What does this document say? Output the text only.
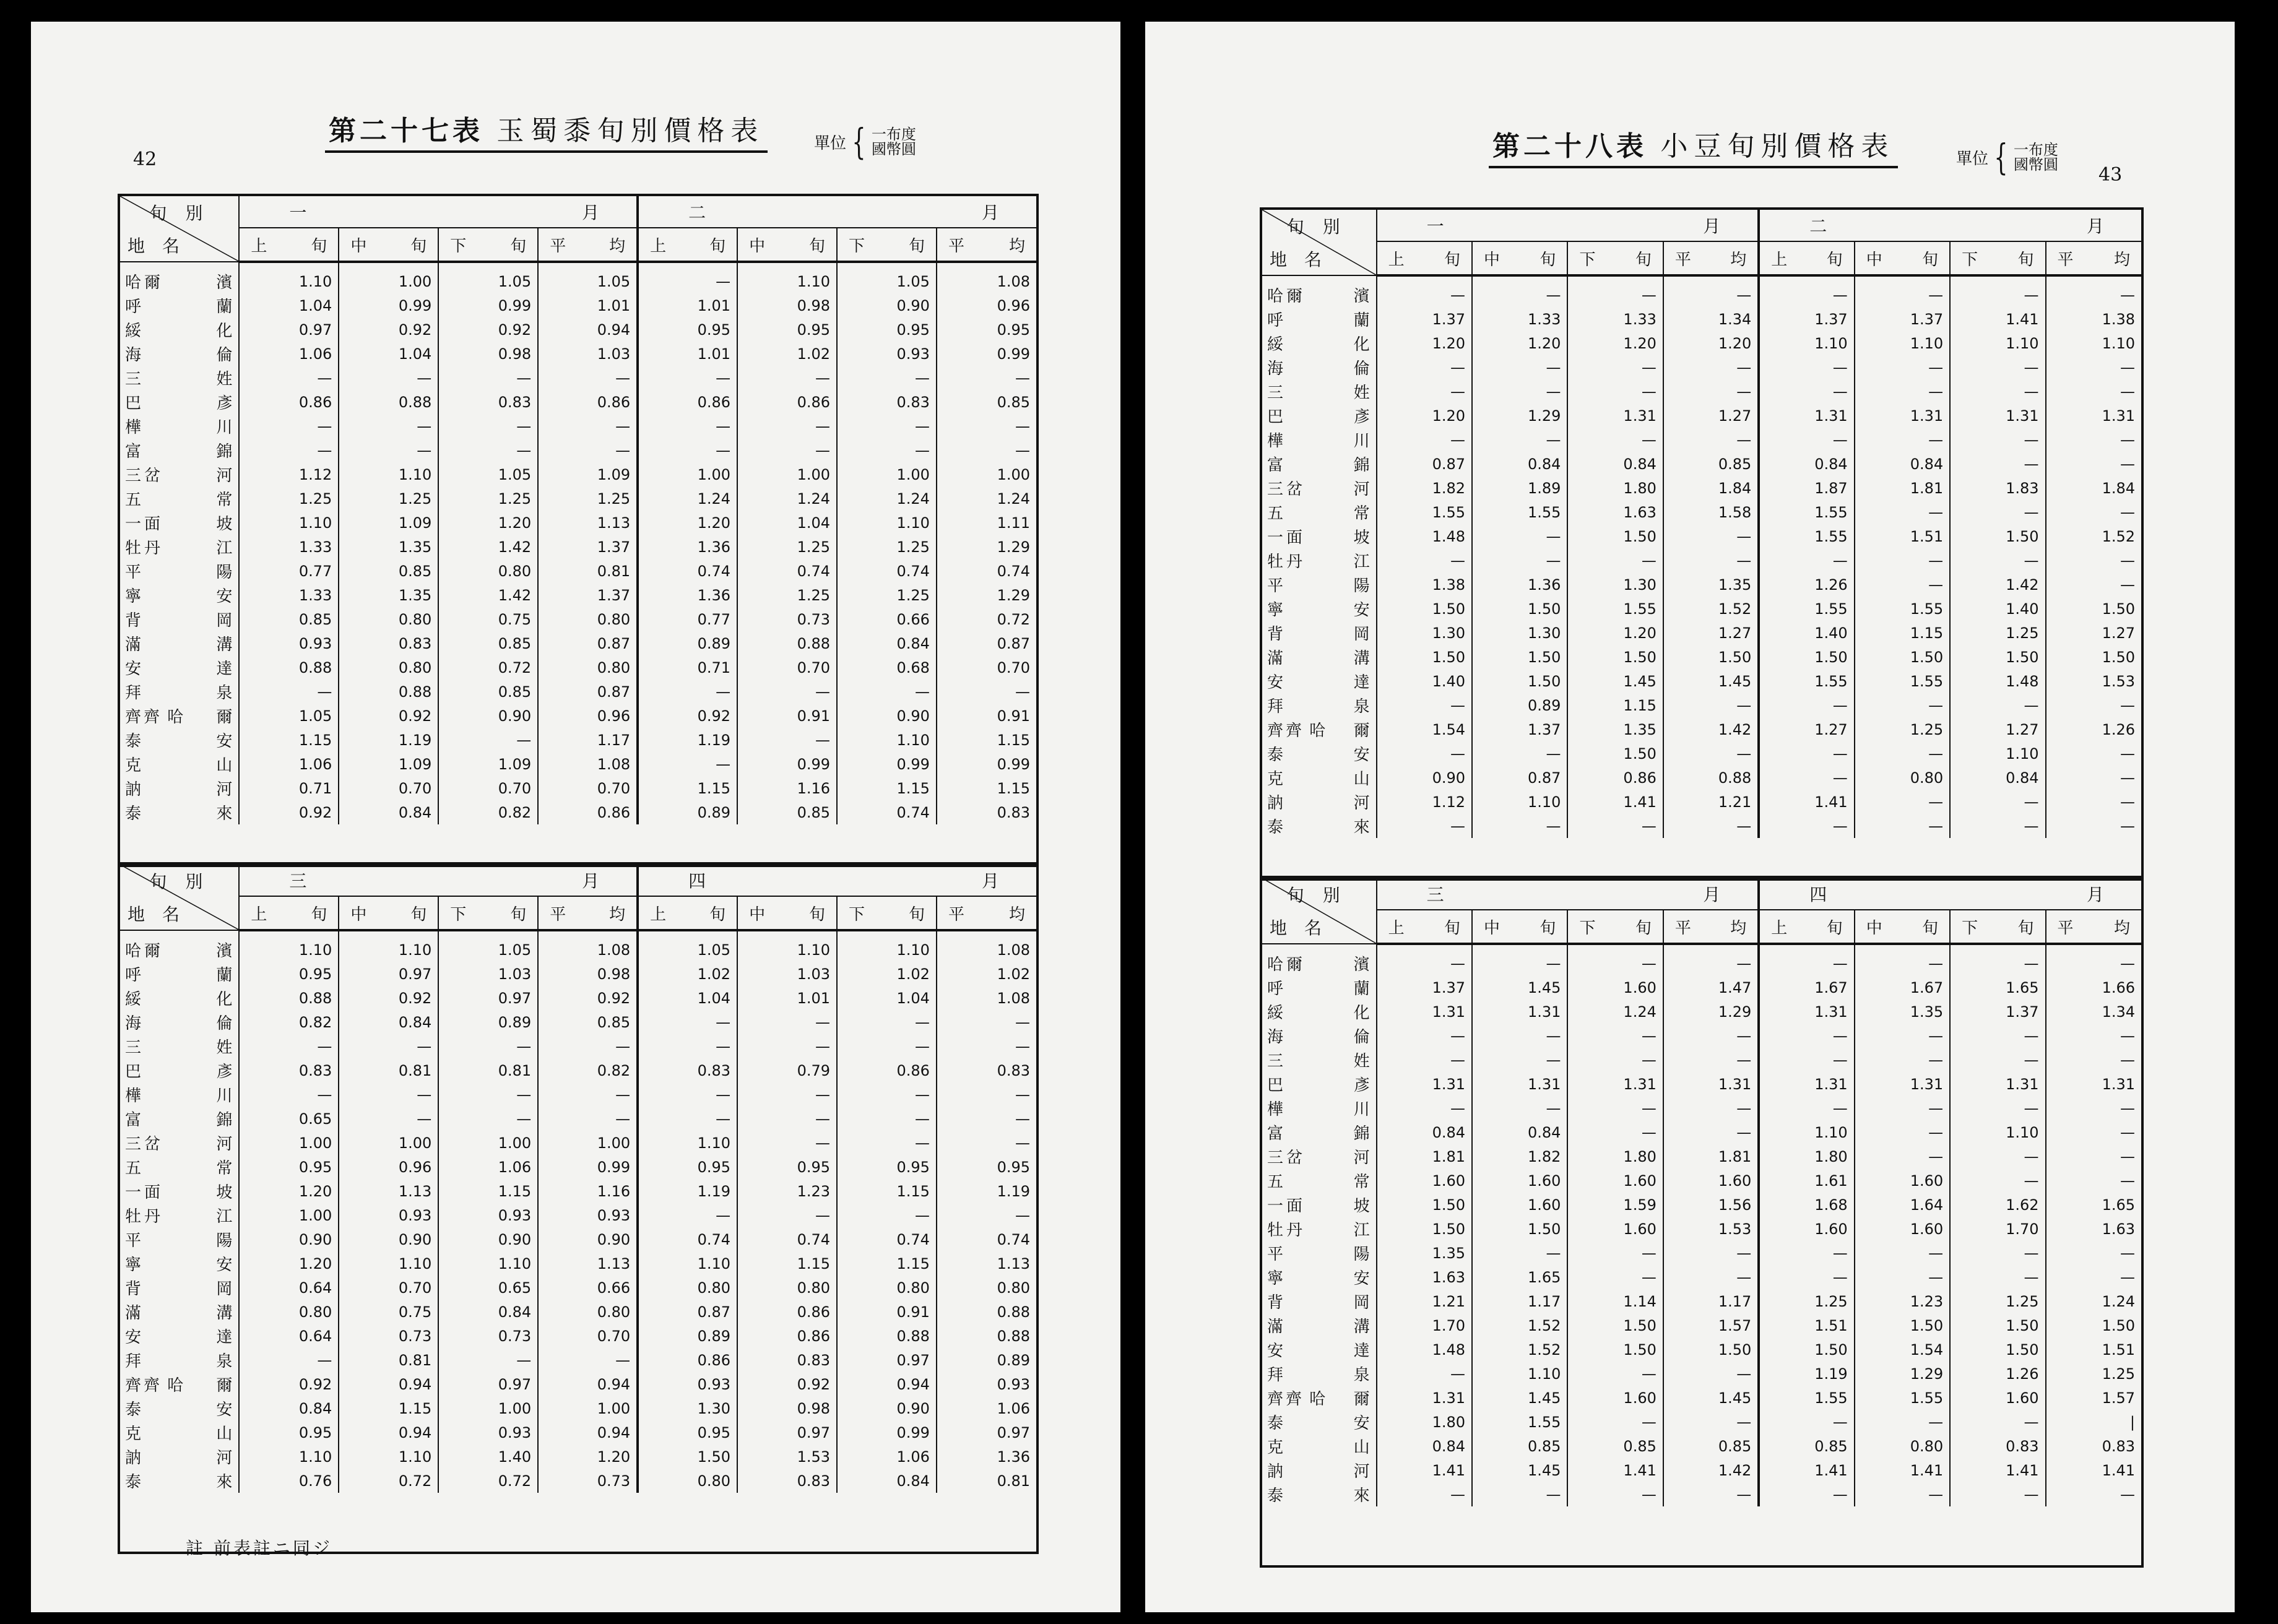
42
第二十七表 玉蜀黍旬別價格表	單位 { 一布度
國幣圓
旬別
地名	一 月				二 月			

	上 旬	中 旬	下 旬	平 均	上 旬	中 旬	下 旬	平 均

哈 爾 濱	1.10	1.00	1.05	1.05	—	1.10	1.05	1.08
呼 蘭	1.04	0.99	0.99	1.01	1.01	0.98	0.90	0.96
綏 化	0.97	0.92	0.92	0.94	0.95	0.95	0.95	0.95
海 倫	1.06	1.04	0.98	1.03	1.01	1.02	0.93	0.99
三 姓	—	—	—	—	—	—	—	—
巴 彥	0.86	0.88	0.83	0.86	0.86	0.86	0.83	0.85
樺 川	—	—	—	—	—	—	—	—
富 錦	—	—	—	—	—	—	—	—
三 岔 河	1.12	1.10	1.05	1.09	1.00	1.00	1.00	1.00
五 常	1.25	1.25	1.25	1.25	1.24	1.24	1.24	1.24
一 面 坡	1.10	1.09	1.20	1.13	1.20	1.04	1.10	1.11
牡 丹 江	1.33	1.35	1.42	1.37	1.36	1.25	1.25	1.29
平 陽	0.77	0.85	0.80	0.81	0.74	0.74	0.74	0.74
寧 安	1.33	1.35	1.42	1.37	1.36	1.25	1.25	1.29
背 岡	0.85	0.80	0.75	0.80	0.77	0.73	0.66	0.72
滿 溝	0.93	0.83	0.85	0.87	0.89	0.88	0.84	0.87
安 達	0.88	0.80	0.72	0.80	0.71	0.70	0.68	0.70
拜 泉	—	0.88	0.85	0.87	—	—	—	—
齊齊 哈 爾	1.05	0.92	0.90	0.96	0.92	0.91	0.90	0.91
泰 安	1.15	1.19	—	1.17	1.19	—	1.10	1.15
克 山	1.06	1.09	1.09	1.08	—	0.99	0.99	0.99
訥 河	0.71	0.70	0.70	0.70	1.15	1.16	1.15	1.15
泰 來	0.92	0.84	0.82	0.86	0.89	0.85	0.74	0.83
旬別
地名	三 月				四 月			

	上 旬	中 旬	下 旬	平 均	上 旬	中 旬	下 旬	平 均

哈 爾 濱	1.10	1.10	1.05	1.08	1.05	1.10	1.10	1.08
呼 蘭	0.95	0.97	1.03	0.98	1.02	1.03	1.02	1.02
綏 化	0.88	0.92	0.97	0.92	1.04	1.01	1.04	1.08
海 倫	0.82	0.84	0.89	0.85	—	—	—	—
三 姓	—	—	—	—	—	—	—	—
巴 彥	0.83	0.81	0.81	0.82	0.83	0.79	0.86	0.83
樺 川	—	—	—	—	—	—	—	—
富 錦	0.65	—	—	—	—	—	—	—
三 岔 河	1.00	1.00	1.00	1.00	1.10	—	—	—
五 常	0.95	0.96	1.06	0.99	0.95	0.95	0.95	0.95
一 面 坡	1.20	1.13	1.15	1.16	1.19	1.23	1.15	1.19
牡 丹 江	1.00	0.93	0.93	0.93	—	—	—	—
平 陽	0.90	0.90	0.90	0.90	0.74	0.74	0.74	0.74
寧 安	1.20	1.10	1.10	1.13	1.10	1.15	1.15	1.13
背 岡	0.64	0.70	0.65	0.66	0.80	0.80	0.80	0.80
滿 溝	0.80	0.75	0.84	0.80	0.87	0.86	0.91	0.88
安 達	0.64	0.73	0.73	0.70	0.89	0.86	0.88	0.88
拜 泉	—	0.81	—	—	0.86	0.83	0.97	0.89
齊齊 哈 爾	0.92	0.94	0.97	0.94	0.93	0.92	0.94	0.93
泰 安	0.84	1.15	1.00	1.00	1.30	0.98	0.90	1.06
克 山	0.95	0.94	0.93	0.94	0.95	0.97	0.99	0.97
訥 河	1.10	1.10	1.40	1.20	1.50	1.53	1.06	1.36
泰 來	0.76	0.72	0.72	0.73	0.80	0.83	0.84	0.81
註 前表註ニ同ジ
43
第二十八表 小豆旬別價格表	單位 { 一布度
國幣圓
旬別
地名	一 月				二 月			

	上 旬	中 旬	下 旬	平 均	上 旬	中 旬	下 旬	平 均

哈 爾 濱	—	—	—	—	—	—	—	—
呼 蘭	1.37	1.33	1.33	1.34	1.37	1.37	1.41	1.38
綏 化	1.20	1.20	1.20	1.20	1.10	1.10	1.10	1.10
海 倫	—	—	—	—	—	—	—	—
三 姓	—	—	—	—	—	—	—	—
巴 彥	1.20	1.29	1.31	1.27	1.31	1.31	1.31	1.31
樺 川	—	—	—	—	—	—	—	—
富 錦	0.87	0.84	0.84	0.85	0.84	0.84	—	—
三 岔 河	1.82	1.89	1.80	1.84	1.87	1.81	1.83	1.84
五 常	1.55	1.55	1.63	1.58	1.55	—	—	—
一 面 坡	1.48	—	1.50	—	1.55	1.51	1.50	1.52
牡 丹 江	—	—	—	—	—	—	—	—
平 陽	1.38	1.36	1.30	1.35	1.26	—	1.42	—
寧 安	1.50	1.50	1.55	1.52	1.55	1.55	1.40	1.50
背 岡	1.30	1.30	1.20	1.27	1.40	1.15	1.25	1.27
滿 溝	1.50	1.50	1.50	1.50	1.50	1.50	1.50	1.50
安 達	1.40	1.50	1.45	1.45	1.55	1.55	1.48	1.53
拜 泉	—	0.89	1.15	—	—	—	—	—
齊齊 哈 爾	1.54	1.37	1.35	1.42	1.27	1.25	1.27	1.26
泰 安	—	—	1.50	—	—	—	1.10	—
克 山	0.90	0.87	0.86	0.88	—	0.80	0.84	—
訥 河	1.12	1.10	1.41	1.21	1.41	—	—	—
泰 來	—	—	—	—	—	—	—	—
旬別
地名	三 月				四 月			

	上 旬	中 旬	下 旬	平 均	上 旬	中 旬	下 旬	平 均

哈 爾 濱	—	—	—	—	—	—	—	—
呼 蘭	1.37	1.45	1.60	1.47	1.67	1.67	1.65	1.66
綏 化	1.31	1.31	1.24	1.29	1.31	1.35	1.37	1.34
海 倫	—	—	—	—	—	—	—	—
三 姓	—	—	—	—	—	—	—	—
巴 彥	1.31	1.31	1.31	1.31	1.31	1.31	1.31	1.31
樺 川	—	—	—	—	—	—	—	—
富 錦	0.84	0.84	—	—	1.10	—	1.10	—
三 岔 河	1.81	1.82	1.80	1.81	1.80	—	—	—
五 常	1.60	1.60	1.60	1.60	1.61	1.60	—	—
一 面 坡	1.50	1.60	1.59	1.56	1.68	1.64	1.62	1.65
牡 丹 江	1.50	1.50	1.60	1.53	1.60	1.60	1.70	1.63
平 陽	1.35	—	—	—	—	—	—	—
寧 安	1.63	1.65	—	—	—	—	—	—
背 岡	1.21	1.17	1.14	1.17	1.25	1.23	1.25	1.24
滿 溝	1.70	1.52	1.50	1.57	1.51	1.50	1.50	1.50
安 達	1.48	1.52	1.50	1.50	1.50	1.54	1.50	1.51
拜 泉	—	1.10	—	—	1.19	1.29	1.26	1.25
齊齊 哈 爾	1.31	1.45	1.60	1.45	1.55	1.55	1.60	1.57
泰 安	1.80	1.55	—	—	—	—	—	|
克 山	0.84	0.85	0.85	0.85	0.85	0.80	0.83	0.83
訥 河	1.41	1.45	1.41	1.42	1.41	1.41	1.41	1.41
泰 來	—	—	—	—	—	—	—	—
